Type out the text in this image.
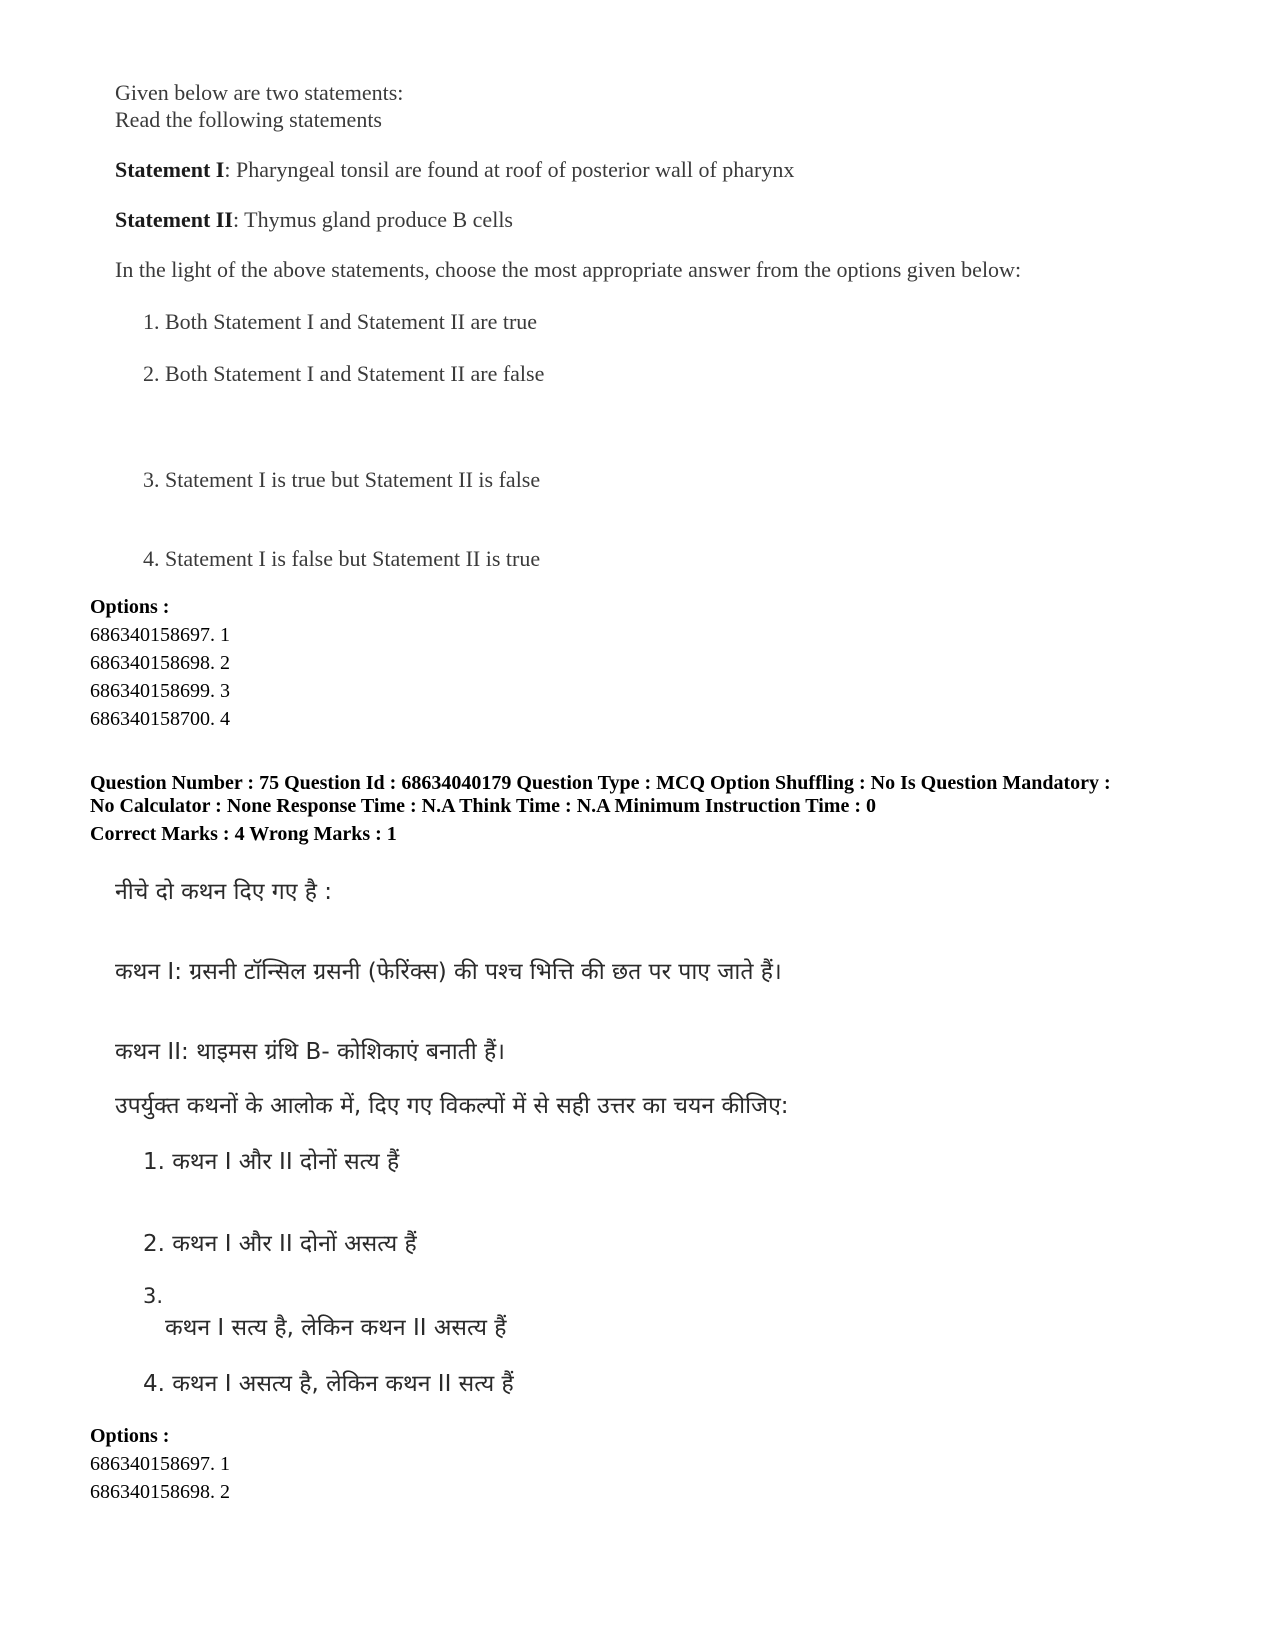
Given below are two statements:
Read the following statements
Statement I: Pharyngeal tonsil are found at roof of posterior wall of pharynx
Statement II: Thymus gland produce B cells
In the light of the above statements, choose the most appropriate answer from the options given below:
1. Both Statement I and Statement II are true
2. Both Statement I and Statement II are false
3. Statement I is true but Statement II is false
4. Statement I is false but Statement II is true
Options :
686340158697. 1
686340158698. 2
686340158699. 3
686340158700. 4
Question Number : 75 Question Id : 68634040179 Question Type : MCQ Option Shuffling : No Is Question Mandatory :
No Calculator : None Response Time : N.A Think Time : N.A Minimum Instruction Time : 0
Correct Marks : 4 Wrong Marks : 1
नीचे दो कथन दिए गए है :
कथन I: ग्रसनी टॉन्सिल ग्रसनी (फेरिंक्स) की पश्च भित्ति की छत पर पाए जाते हैं।
कथन II: थाइमस ग्रंथि B- कोशिकाएं बनाती हैं।
उपर्युक्त कथनों के आलोक में, दिए गए विकल्पों में से सही उत्तर का चयन कीजिए:
1. कथन I और II दोनों सत्य हैं
2. कथन I और II दोनों असत्य हैं
3.
कथन I सत्य है, लेकिन कथन II असत्य हैं
4. कथन I असत्य है, लेकिन कथन II सत्य हैं
Options :
686340158697. 1
686340158698. 2
